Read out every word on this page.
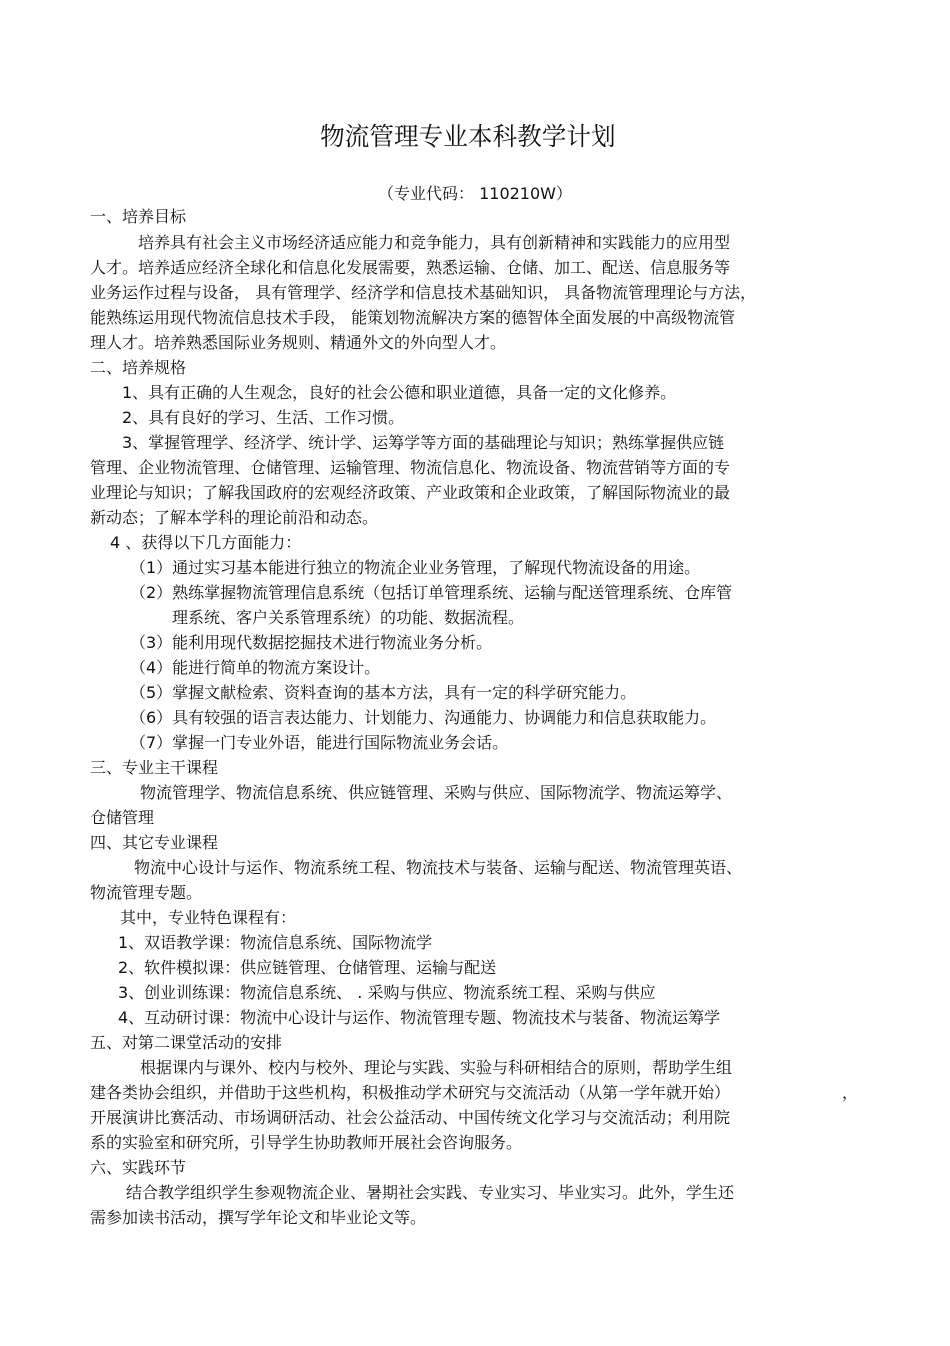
物流管理专业本科教学计划
（专业代码： 110210W）
一、培养目标
培养具有社会主义市场经济适应能力和竞争能力，具有创新精神和实践能力的应用型
人才。培养适应经济全球化和信息化发展需要，熟悉运输、仓储、加工、配送、信息服务等
业务运作过程与设备， 具有管理学、经济学和信息技术基础知识， 具备物流管理理论与方法，
能熟练运用现代物流信息技术手段， 能策划物流解决方案的德智体全面发展的中高级物流管
理人才。培养熟悉国际业务规则、精通外文的外向型人才。
二、培养规格
1、具有正确的人生观念，良好的社会公德和职业道德，具备一定的文化修养。
2、具有良好的学习、生活、工作习惯。
3、掌握管理学、经济学、统计学、运筹学等方面的基础理论与知识；熟练掌握供应链
管理、企业物流管理、仓储管理、运输管理、物流信息化、物流设备、物流营销等方面的专
业理论与知识；了解我国政府的宏观经济政策、产业政策和企业政策，了解国际物流业的最
新动态；了解本学科的理论前沿和动态。
4 、获得以下几方面能力：
（1）通过实习基本能进行独立的物流企业业务管理，了解现代物流设备的用途。
（2）熟练掌握物流管理信息系统（包括订单管理系统、运输与配送管理系统、仓库管
理系统、客户关系管理系统）的功能、数据流程。
（3）能利用现代数据挖掘技术进行物流业务分析。
（4）能进行简单的物流方案设计。
（5）掌握文献检索、资料查询的基本方法，具有一定的科学研究能力。
（6）具有较强的语言表达能力、计划能力、沟通能力、协调能力和信息获取能力。
（7）掌握一门专业外语，能进行国际物流业务会话。
三、专业主干课程
物流管理学、物流信息系统、供应链管理、采购与供应、国际物流学、物流运筹学、
仓储管理
四、其它专业课程
物流中心设计与运作、物流系统工程、物流技术与装备、运输与配送、物流管理英语、
物流管理专题。
其中，专业特色课程有：
1、双语教学课：物流信息系统、国际物流学
2、软件模拟课：供应链管理、仓储管理、运输与配送
3、创业训练课：物流信息系统、 . 采购与供应、物流系统工程、采购与供应
4、互动研讨课：物流中心设计与运作、物流管理专题、物流技术与装备、物流运筹学
五、对第二课堂活动的安排
根据课内与课外、校内与校外、理论与实践、实验与科研相结合的原则，帮助学生组
建各类协会组织，并借助于这些机构，积极推动学术研究与交流活动（从第一学年就开始）	，
开展演讲比赛活动、市场调研活动、社会公益活动、中国传统文化学习与交流活动；利用院
系的实验室和研究所，引导学生协助教师开展社会咨询服务。
六、实践环节
结合教学组织学生参观物流企业、暑期社会实践、专业实习、毕业实习。此外，学生还
需参加读书活动，撰写学年论文和毕业论文等。
